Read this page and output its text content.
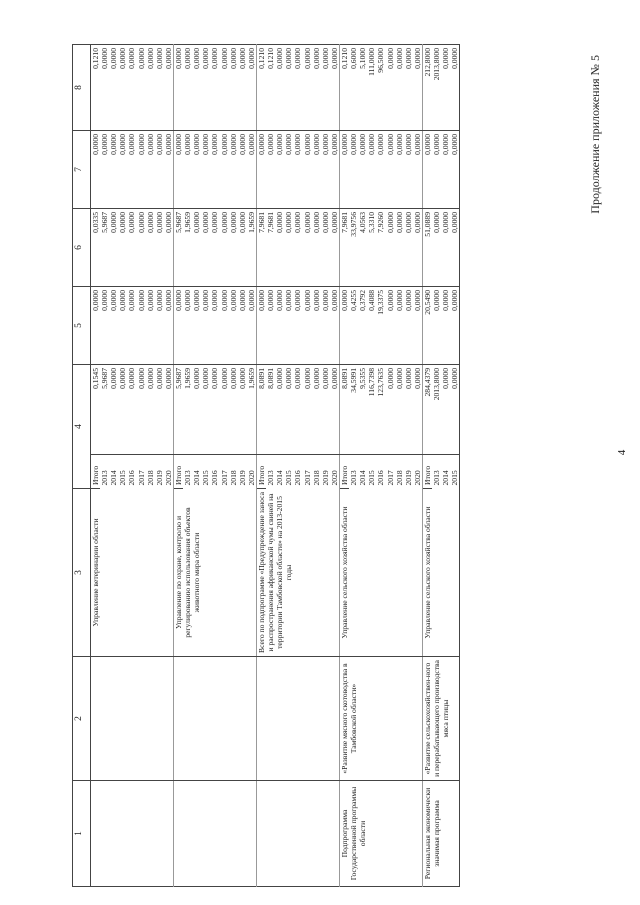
Продолжение приложения № 5
1	2	3	4		5	6	7	8
		Управление ветеринарии области	Итого	0,1545	0,0000	0,0335	0,0000	0,1210
			2013	5,9687	0,0000	5,9687	0,0000	0,0000
			2014	0,0000	0,0000	0,0000	0,0000	0,0000
			2015	0,0000	0,0000	0,0000	0,0000	0,0000
			2016	0,0000	0,0000	0,0000	0,0000	0,0000
			2017	0,0000	0,0000	0,0000	0,0000	0,0000
			2018	0,0000	0,0000	0,0000	0,0000	0,0000
			2019	0,0000	0,0000	0,0000	0,0000	0,0000
			2020	0,0000	0,0000	0,0000	0,0000	0,0000
		Управление по охране, контролю и регулированию использования объектов животного мира области	Итого	5,9687	0,0000	5,9687	0,0000	0,0000
			2013	1,9659	0,0000	1,9659	0,0000	0,0000
			2014	0,0000	0,0000	0,0000	0,0000	0,0000
			2015	0,0000	0,0000	0,0000	0,0000	0,0000
			2016	0,0000	0,0000	0,0000	0,0000	0,0000
			2017	0,0000	0,0000	0,0000	0,0000	0,0000
			2018	0,0000	0,0000	0,0000	0,0000	0,0000
			2019	0,0000	0,0000	0,0000	0,0000	0,0000
			2020	1,9659	0,0000	1,9659	0,0000	0,0000
		Всего по подпрограмме «Предупреждение заноса и распространения африканской чумы свиней на территории Тамбовской области» на 2013-2015 годы	Итого	8,0891	0,0000	7,9681	0,0000	0,1210
			2013	8,0891	0,0000	7,9681	0,0000	0,1210
			2014	0,0000	0,0000	0,0000	0,0000	0,0000
			2015	0,0000	0,0000	0,0000	0,0000	0,0000
			2016	0,0000	0,0000	0,0000	0,0000	0,0000
			2017	0,0000	0,0000	0,0000	0,0000	0,0000
			2018	0,0000	0,0000	0,0000	0,0000	0,0000
			2019	0,0000	0,0000	0,0000	0,0000	0,0000
			2020	0,0000	0,0000	0,0000	0,0000	0,0000
Подпрограмма Государственной программы области	«Развитие мясного скотоводства в Тамбовской области»	Управление сельского хозяйства области	Итого	8,0891	0,0000	7,9681	0,0000	0,1210
			2013	34,5991	0,4255	33,9756	0,0000	0,6000
			2014	9,5355	0,3792	4,0563	0,0000	5,1000
			2015	116,7398	0,4088	5,3310	0,0000	111,0000
			2016	123,7635	19,3375	7,9260	0,0000	96,5000
			2017	0,0000	0,0000	0,0000	0,0000	0,0000
			2018	0,0000	0,0000	0,0000	0,0000	0,0000
			2019	0,0000	0,0000	0,0000	0,0000	0,0000
			2020	0,0000	0,0000	0,0000	0,0000	0,0000
Региональная экономически значимая программа	«Развитие сельскохозяйствен-ного и перерабатывающего производства мяса птицы	Управление сельского хозяйства области	Итого	284,4379	20,5490	51,0889	0,0000	212,8000
			2013	2013,8000	0,0000	0,0000	0,0000	2013,8000
			2014	0,0000	0,0000	0,0000	0,0000	0,0000
			2015	0,0000	0,0000	0,0000	0,0000	0,0000
4
